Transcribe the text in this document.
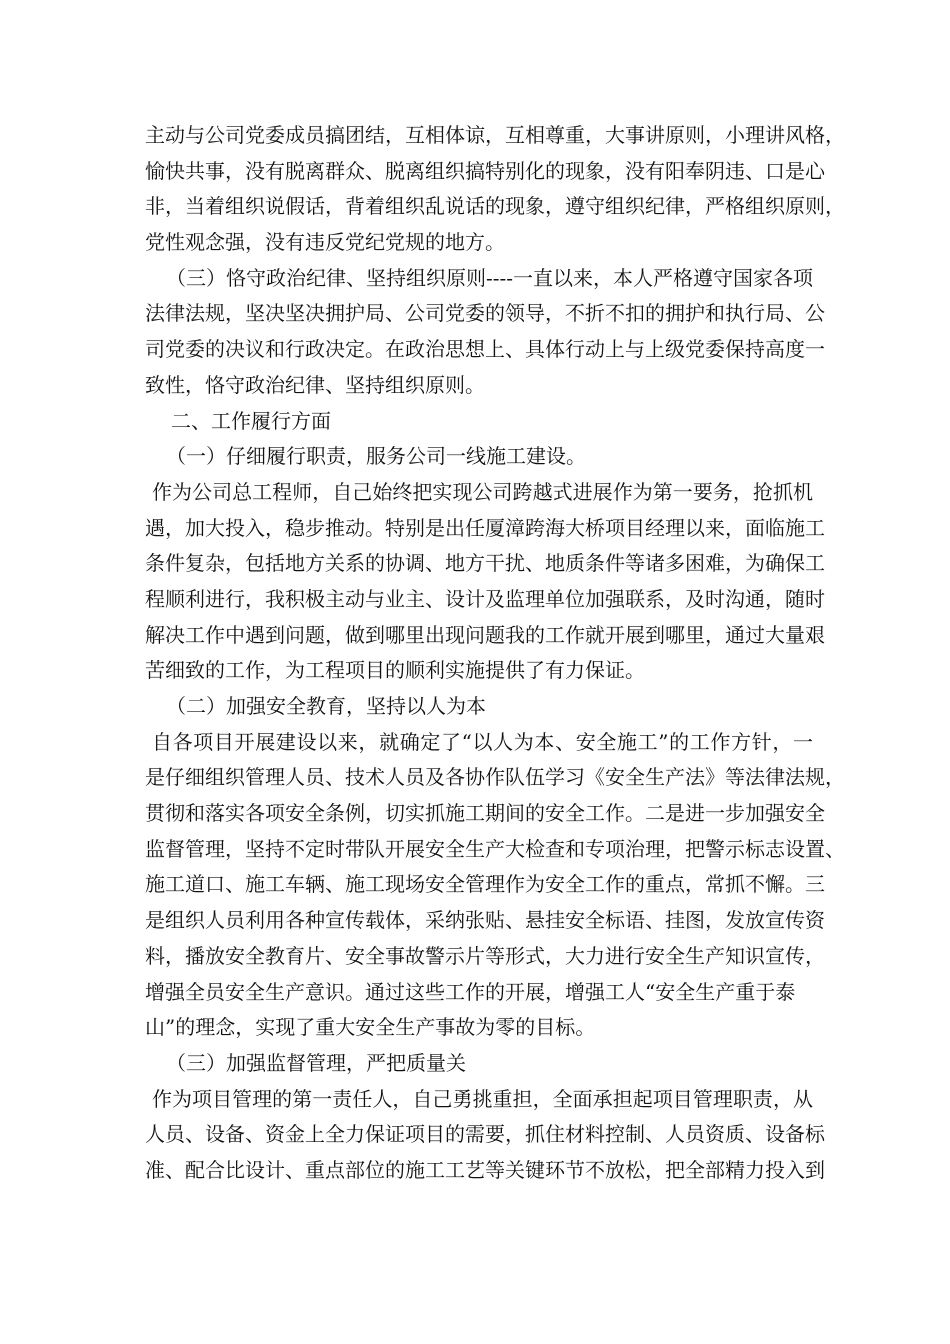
主动与公司党委成员搞团结，互相体谅，互相尊重，大事讲原则，小理讲风格，
愉快共事，没有脱离群众、脱离组织搞特别化的现象，没有阳奉阴违、口是心
非，当着组织说假话，背着组织乱说话的现象，遵守组织纪律，严格组织原则，
党性观念强，没有违反党纪党规的地方。
（三）恪守政治纪律、坚持组织原则----一直以来，本人严格遵守国家各项
法律法规，坚决坚决拥护局、公司党委的领导，不折不扣的拥护和执行局、公
司党委的决议和行政决定。在政治思想上、具体行动上与上级党委保持高度一
致性，恪守政治纪律、坚持组织原则。
二、工作履行方面
（一）仔细履行职责，服务公司一线施工建设。
作为公司总工程师，自己始终把实现公司跨越式进展作为第一要务，抢抓机
遇，加大投入，稳步推动。特别是出任厦漳跨海大桥项目经理以来，面临施工
条件复杂，包括地方关系的协调、地方干扰、地质条件等诸多困难，为确保工
程顺利进行，我积极主动与业主、设计及监理单位加强联系，及时沟通，随时
解决工作中遇到问题，做到哪里出现问题我的工作就开展到哪里，通过大量艰
苦细致的工作，为工程项目的顺利实施提供了有力保证。
（二）加强安全教育，坚持以人为本
自各项目开展建设以来，就确定了“以人为本、安全施工”的工作方针，一
是仔细组织管理人员、技术人员及各协作队伍学习《安全生产法》等法律法规，
贯彻和落实各项安全条例，切实抓施工期间的安全工作。二是进一步加强安全
监督管理，坚持不定时带队开展安全生产大检查和专项治理，把警示标志设置、
施工道口、施工车辆、施工现场安全管理作为安全工作的重点，常抓不懈。三
是组织人员利用各种宣传载体，采纳张贴、悬挂安全标语、挂图，发放宣传资
料，播放安全教育片、安全事故警示片等形式，大力进行安全生产知识宣传，
增强全员安全生产意识。通过这些工作的开展，增强工人“安全生产重于泰
山”的理念，实现了重大安全生产事故为零的目标。
（三）加强监督管理，严把质量关
作为项目管理的第一责任人，自己勇挑重担，全面承担起项目管理职责，从
人员、设备、资金上全力保证项目的需要，抓住材料控制、人员资质、设备标
准、配合比设计、重点部位的施工工艺等关键环节不放松，把全部精力投入到
